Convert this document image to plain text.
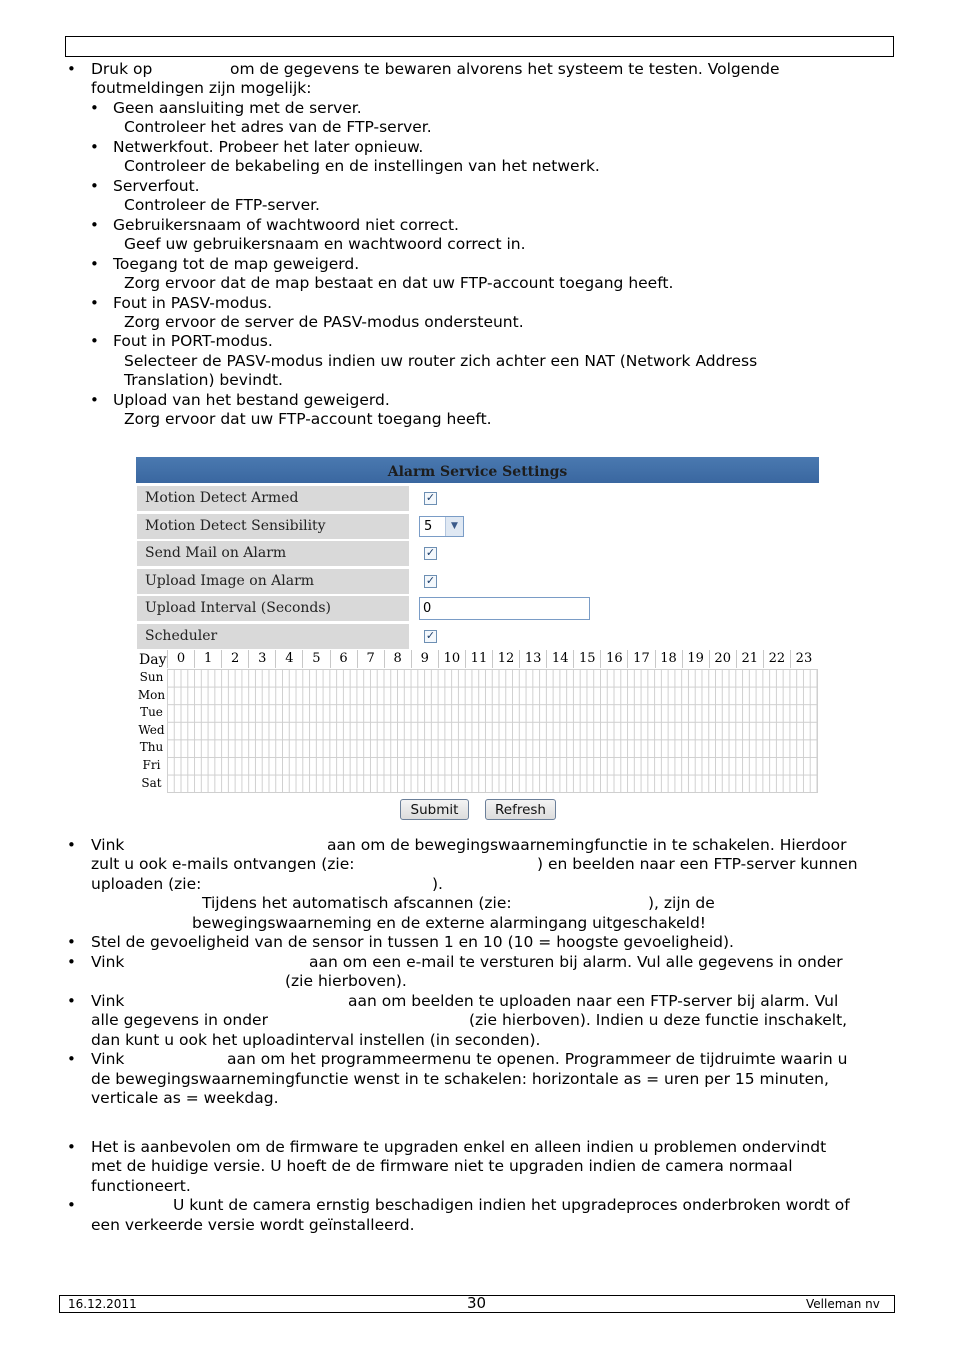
• Druk op	om de gegevens te bewaren alvorens het systeem te testen. Volgende
foutmeldingen zijn mogelijk:
• Geen aansluiting met de server.
Controleer het adres van de FTP-server.
• Netwerkfout. Probeer het later opnieuw.
Controleer de bekabeling en de instellingen van het netwerk.
• Serverfout.
Controleer de FTP-server.
• Gebruikersnaam of wachtwoord niet correct.
Geef uw gebruikersnaam en wachtwoord correct in.
• Toegang tot de map geweigerd.
Zorg ervoor dat de map bestaat en dat uw FTP-account toegang heeft.
• Fout in PASV-modus.
Zorg ervoor de server de PASV-modus ondersteunt.
• Fout in PORT-modus.
Selecteer de PASV-modus indien uw router zich achter een NAT (Network Address
Translation) bevindt.
• Upload van het bestand geweigerd.
Zorg ervoor dat uw FTP-account toegang heeft.
Alarm Service Settings
Motion Detect Armed	✓
Motion Detect Sensibility	5	▼
Send Mail on Alarm	✓
Upload Image on Alarm	✓
Upload Interval (Seconds)	0
Scheduler	✓
Day 0	1	2	3	4	5	6	7	8	9	10 11 12 13 14 15 16 17 18 19 20 21 22 23
Sun
Mon
Tue
Wed
Thu
Fri
Sat
Submit	Refresh
• Vink	aan om de bewegingswaarnemingfunctie in te schakelen. Hierdoor
zult u ook e-mails ontvangen (zie:	) en beelden naar een FTP-server kunnen
uploaden (zie:	).
Tijdens het automatisch afscannen (zie:	), zijn de
bewegingswaarneming en de externe alarmingang uitgeschakeld!
• Stel de gevoeligheid van de sensor in tussen 1 en 10 (10 = hoogste gevoeligheid).
• Vink	aan om een e-mail te versturen bij alarm. Vul alle gegevens in onder
(zie hierboven).
• Vink	aan om beelden te uploaden naar een FTP-server bij alarm. Vul
alle gegevens in onder	(zie hierboven). Indien u deze functie inschakelt,
dan kunt u ook het uploadinterval instellen (in seconden).
• Vink	aan om het programmeermenu te openen. Programmeer de tijdruimte waarin u
de bewegingswaarnemingfunctie wenst in te schakelen: horizontale as = uren per 15 minuten,
verticale as = weekdag.
• Het is aanbevolen om de firmware te upgraden enkel en alleen indien u problemen ondervindt
met de huidige versie. U hoeft de de firmware niet te upgraden indien de camera normaal
functioneert.
•	U kunt de camera ernstig beschadigen indien het upgradeproces onderbroken wordt of
een verkeerde versie wordt geïnstalleerd.
16.12.2011	30	Velleman nv
